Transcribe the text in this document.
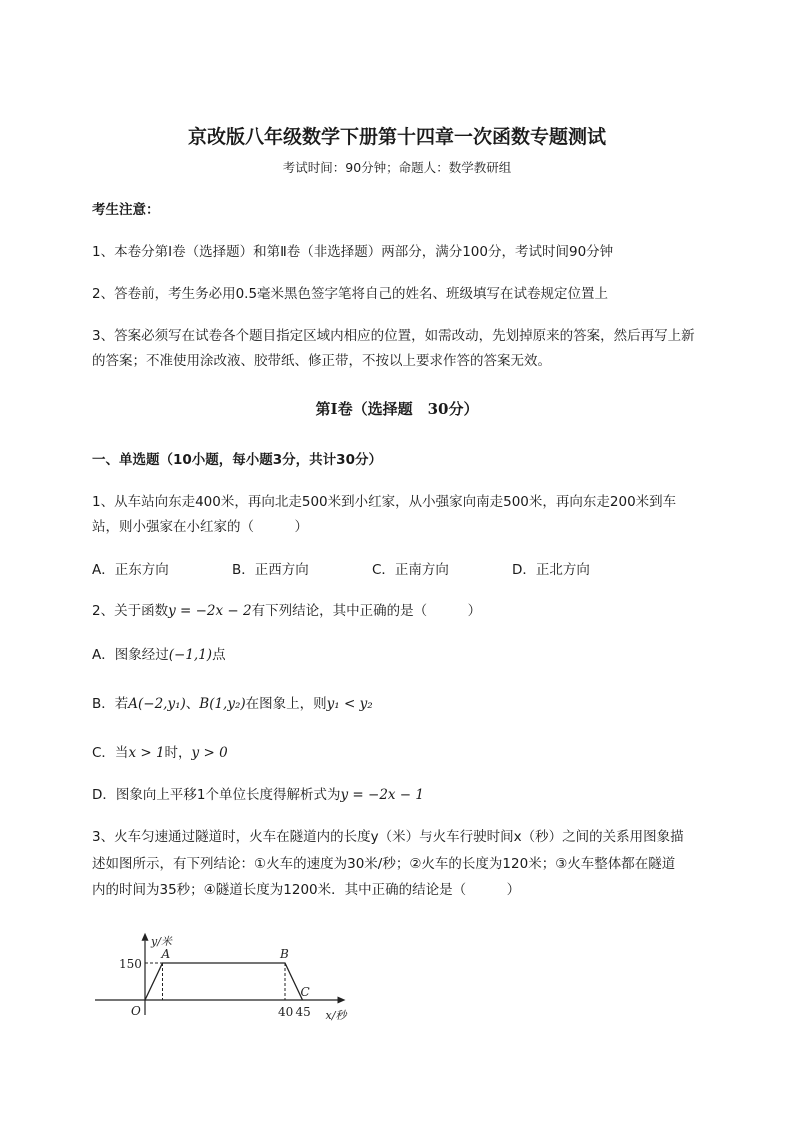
京改版八年级数学下册第十四章一次函数专题测试
考试时间：90分钟；命题人：数学教研组
考生注意：
1、本卷分第I卷（选择题）和第Ⅱ卷（非选择题）两部分，满分100分，考试时间90分钟
2、答卷前，考生务必用0.5毫米黑色签字笔将自己的姓名、班级填写在试卷规定位置上
3、答案必须写在试卷各个题目指定区域内相应的位置，如需改动，先划掉原来的答案，然后再写上新
的答案；不准使用涂改液、胶带纸、修正带，不按以上要求作答的答案无效。
第I卷（选择题　30分）
一、单选题（10小题，每小题3分，共计30分）
1、从车站向东走400米，再向北走500米到小红家，从小强家向南走500米，再向东走200米到车
站，则小强家在小红家的（　　　）
A．正东方向	B．正西方向	C．正南方向	D．正北方向
2、关于函数y = −2x − 2有下列结论，其中正确的是（　　　）
A．图象经过(−1,1)点
B．若A(−2,y₁)、B(1,y₂)在图象上，则y₁ < y₂
C．当x > 1时，y > 0
D．图象向上平移1个单位长度得解析式为y = −2x − 1
3、火车匀速通过隧道时，火车在隧道内的长度y（米）与火车行驶时间x（秒）之间的关系用图象描
述如图所示，有下列结论：①火车的速度为30米/秒；②火车的长度为120米；③火车整体都在隧道
内的时间为35秒；④隧道长度为1200米．其中正确的结论是（　　　）
O
A	B
C
150
40 45
y/米
x/秒
